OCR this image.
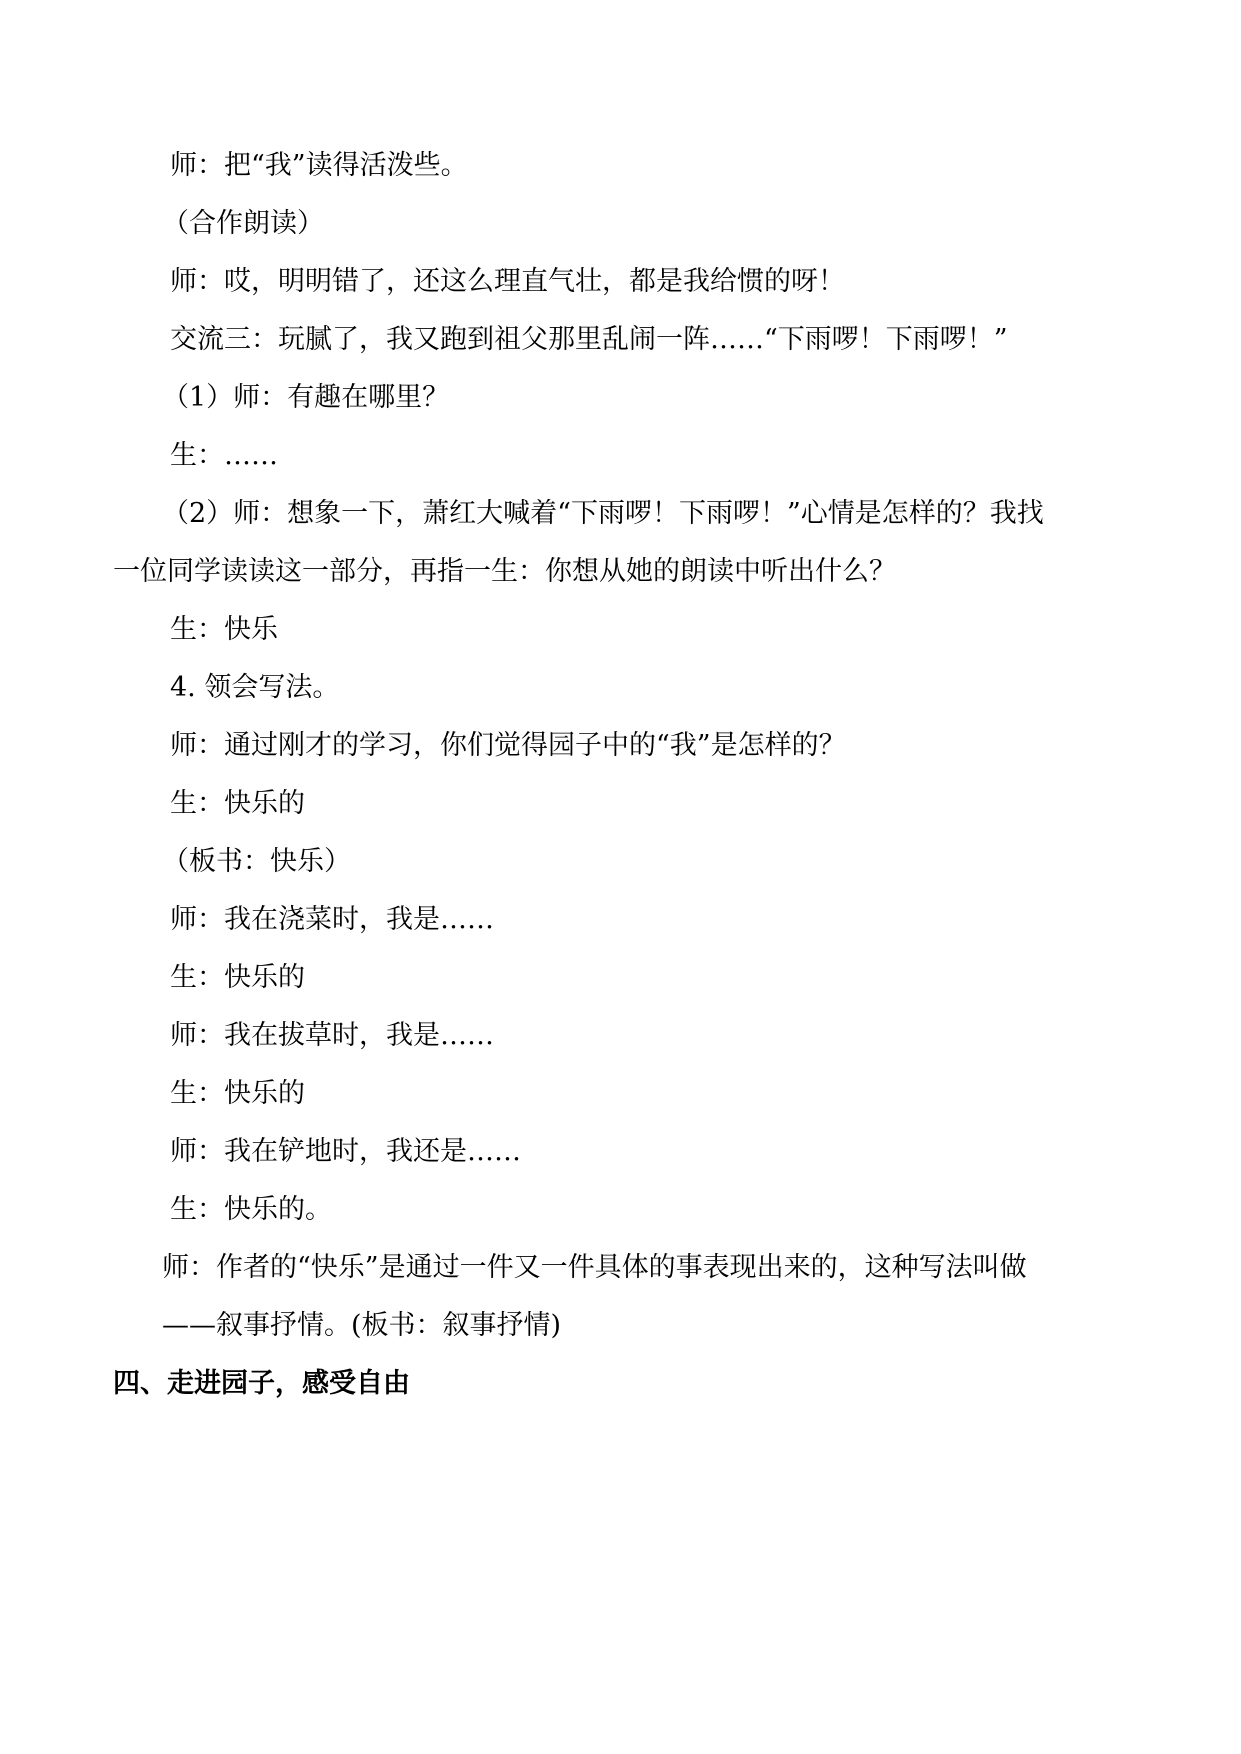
师：把“我”读得活泼些。
（合作朗读）
师：哎，明明错了，还这么理直气壮，都是我给惯的呀！
交流三：玩腻了，我又跑到祖父那里乱闹一阵……“下雨啰！下雨啰！”
（1）师：有趣在哪里？
生：……
（2）师：想象一下，萧红大喊着“下雨啰！下雨啰！”心情是怎样的？我找
一位同学读读这一部分，再指一生：你想从她的朗读中听出什么？
生：快乐
4. 领会写法。
师：通过刚才的学习，你们觉得园子中的“我”是怎样的？
生：快乐的
（板书：快乐）
师：我在浇菜时，我是……
生：快乐的
师：我在拔草时，我是……
生：快乐的
师：我在铲地时，我还是……
生：快乐的。
师：作者的“快乐”是通过一件又一件具体的事表现出来的，这种写法叫做
——叙事抒情。(板书：叙事抒情)
四、走进园子，感受自由
